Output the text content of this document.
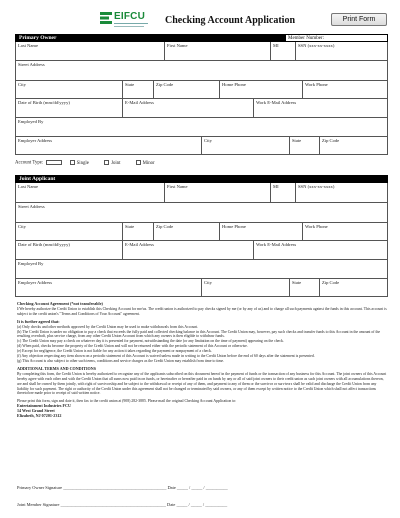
EIFCU Checking Account Application	Print Form
Primary Owner	Member Number:
Last Name	First Name	MI	SSN (xxx-xx-xxxx)
Street Address
City	State	Zip Code	Home Phone	Work Phone
Date of Birth (mm/dd/yyyy)	E-Mail Address	Work E-Mail Address
Employed By
Employer Address	City	State	Zip Code
Account Type:	Single	Joint	Minor
Joint Applicant
Last Name	First Name	MI	SSN (xxx-xx-xxxx)
Street Address
City	State	Zip Code	Home Phone	Work Phone
Date of Birth (mm/dd/yyyy)	E-Mail Address	Work E-Mail Address
Employed By
Employer Address	City	State	Zip Code
Checking Account Agreement (*not transferable)
I/We hereby authorize the Credit Union to establish this Checking Account for me/us. The credit union is authorized to pay checks signed by me (or by any of us) and to charge all such payments against the funds in this account. This account is subject to the credit union's "Terms and Conditions of Your Account" agreement.
It is further agreed that:
(a) Only checks and other methods approved by the Credit Union may be used to make withdrawals from this Account.
(b) The Credit Union is under no obligation to pay a check that exceeds the fully paid and collected checking balance in this Account. The Credit Union may, however, pay such checks and transfer funds to this Account in the amount of the resulting overdraft, plus service charge, from any other Credit Union Account from which any owners is then eligible to withdraw funds.
(c) The Credit Union may pay a check on whatever day it is presented for payment, notwithstanding the date (or any limitation on the time of payment) appearing on the check.
(d) When paid, checks become the property of the Credit Union and will not be returned either with the periodic statement of this Account or otherwise.
(e) Except for negligence, the Credit Union is not liable for any action it takes regarding the payment or nonpayment of a check.
(f) Any objection respecting any item shown on a periodic statement of this Account is waived unless made in writing to the Credit Union before the end of 60 days after the statement is presented.
(g) This Account is also subject to other such terms, conditions and service charges as the Credit Union may establish from time to time.
ADDITIONAL TERMS AND CONDITIONS
By completing this form, the Credit Union is hereby authorized to recognize any of the applicants subscribed on this document hereof in the payment of funds or the transaction of any business for this Account. The joint owners of this Account hereby agree with each other and with the Credit Union that all sums now paid in on funds, or hereinafter or hereafter paid in on funds by any or all of said joint owners to their credit union as such joint owners with all accumulations thereon, are and shall be owned by them jointly, with right of survivorship and be subject to the withdrawal or receipt of any of them, and payment to any of them or the survivor or survivors shall be valid and discharge the Credit Union from any liability for such payment. The right or authority of the Credit Union under this agreement shall not be changed or terminated by said owners, or any of them except by written notice to the Credit Union which shall not affect transactions theretofore made prior to receipt of said written notice.
Please print this form, sign and date it, then fax to the credit union at (908) 282-3885. Please mail the original Checking Account Application to:
Entertainment Industries FCU
14 West Grand Street
Elizabeth, NJ 07201-2312
Primary Owner Signature _______________________________________________ Date _____ / _____ / __________
Joint Member Signature ________________________________________________ Date _____ / _____ / __________
